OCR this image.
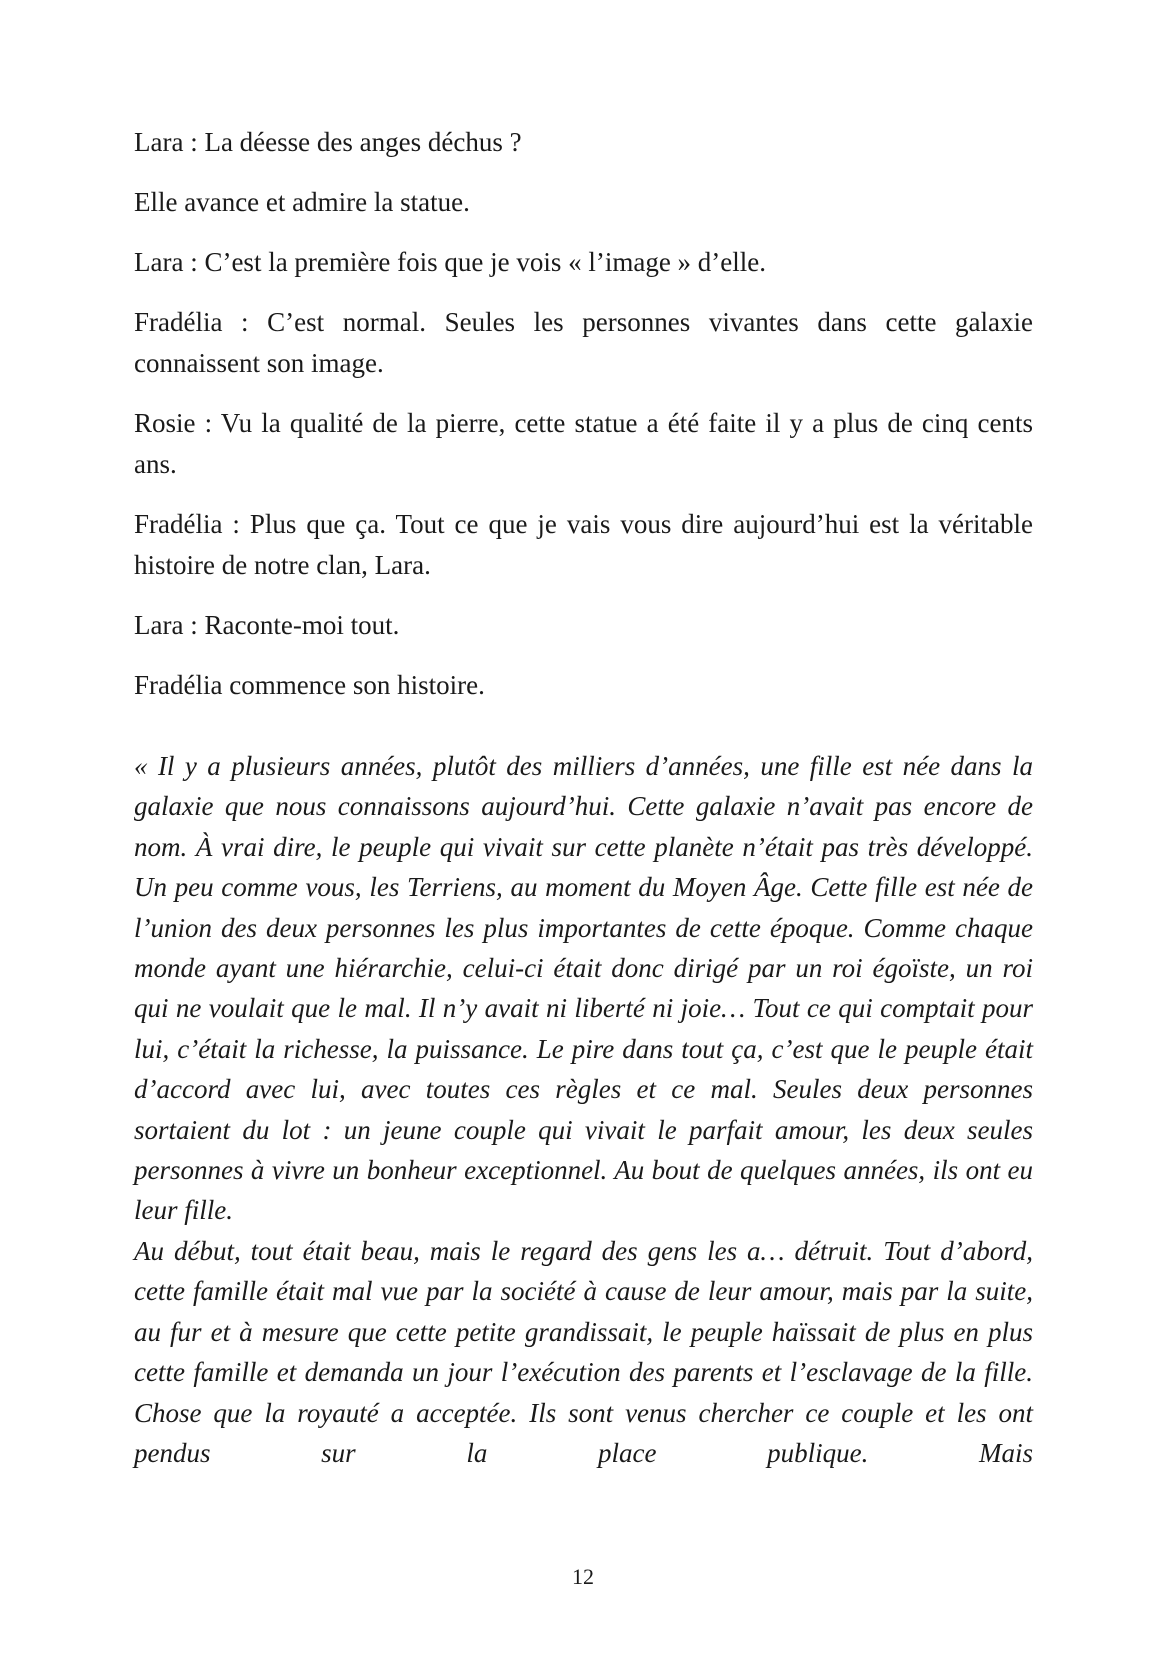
Lara : La déesse des anges déchus ?

Elle avance et admire la statue.

Lara : C’est la première fois que je vois « l’image » d’elle.

Fradélia : C’est normal. Seules les personnes vivantes dans cette galaxie connaissent son image.

Rosie : Vu la qualité de la pierre, cette statue a été faite il y a plus de cinq cents ans.

Fradélia : Plus que ça. Tout ce que je vais vous dire aujourd’hui est la véritable histoire de notre clan, Lara.

Lara : Raconte-moi tout.

Fradélia commence son histoire.

« Il y a plusieurs années, plutôt des milliers d’années, une fille est née dans la galaxie que nous connaissons aujourd’hui. Cette galaxie n’avait pas encore de nom. À vrai dire, le peuple qui vivait sur cette planète n’était pas très développé. Un peu comme vous, les Terriens, au moment du Moyen Âge. Cette fille est née de l’union des deux personnes les plus importantes de cette époque. Comme chaque monde ayant une hiérarchie, celui-ci était donc dirigé par un roi égoïste, un roi qui ne voulait que le mal. Il n’y avait ni liberté ni joie… Tout ce qui comptait pour lui, c’était la richesse, la puissance. Le pire dans tout ça, c’est que le peuple était d’accord avec lui, avec toutes ces règles et ce mal. Seules deux personnes sortaient du lot : un jeune couple qui vivait le parfait amour, les deux seules personnes à vivre un bonheur exceptionnel. Au bout de quelques années, ils ont eu leur fille.

Au début, tout était beau, mais le regard des gens les a… détruit. Tout d’abord, cette famille était mal vue par la société à cause de leur amour, mais par la suite, au fur et à mesure que cette petite grandissait, le peuple haïssait de plus en plus cette famille et demanda un jour l’exécution des parents et l’esclavage de la fille. Chose que la royauté a acceptée. Ils sont venus chercher ce couple et les ont pendus sur la place publique. Mais

12
